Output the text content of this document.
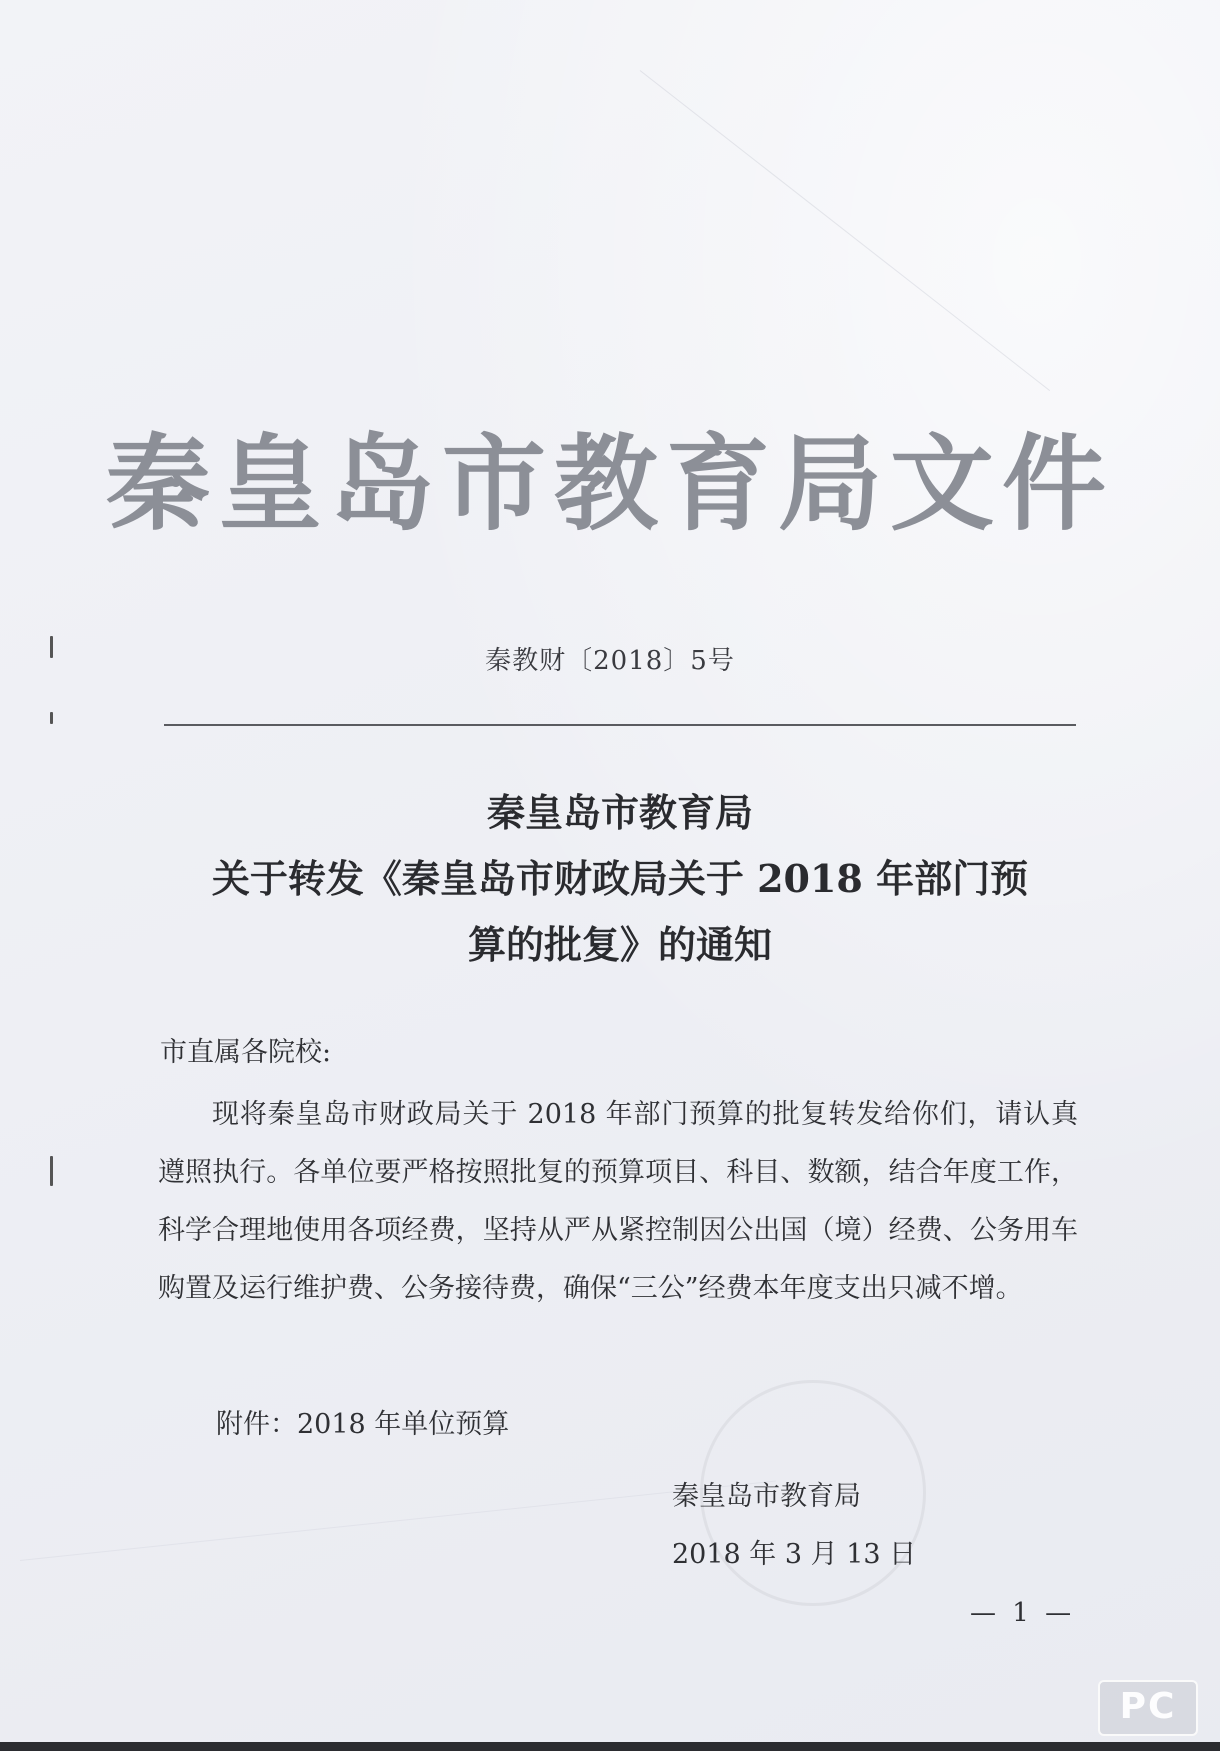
秦皇岛市教育局文件
秦教财〔2018〕5号
秦皇岛市教育局
关于转发《秦皇岛市财政局关于 2018 年部门预
算的批复》的通知
市直属各院校:
现将秦皇岛市财政局关于 2018 年部门预算的批复转发给你们，请认真遵照执行。各单位要严格按照批复的预算项目、科目、数额，结合年度工作，科学合理地使用各项经费，坚持从严从紧控制因公出国（境）经费、公务用车购置及运行维护费、公务接待费，确保“三公”经费本年度支出只减不增。
附件：2018 年单位预算
秦皇岛市教育局
2018 年 3 月 13 日
— 1 —
PC
